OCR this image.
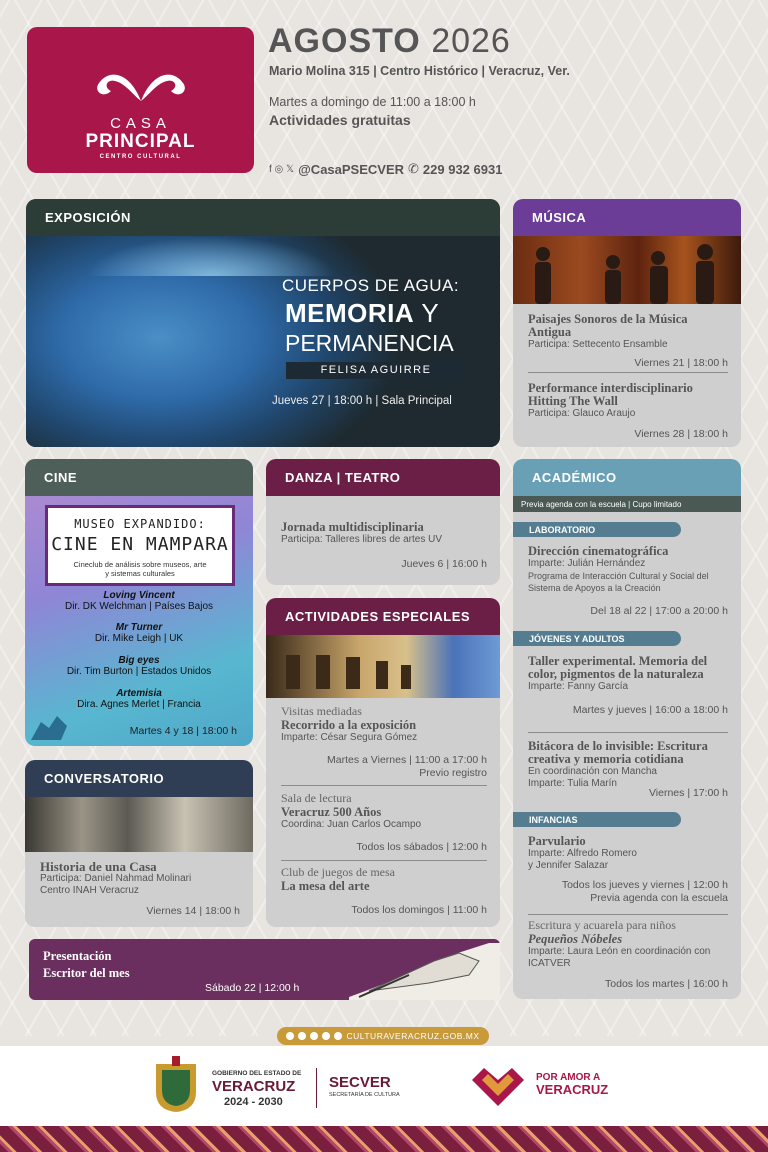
CASA
PRINCIPAL
CENTRO CULTURAL
AGOSTO 2026
Mario Molina 315 | Centro Histórico | Veracruz, Ver.
Martes a domingo de 11:00 a 18:00 h
Actividades gratuitas
f ◎ 𝕏 @CasaPSECVER ✆ 229 932 6931
EXPOSICIÓN
CUERPOS DE AGUA:
MEMORIA Y
PERMANENCIA
FELISA AGUIRRE
Jueves 27 | 18:00 h | Sala Principal
MÚSICA
Paisajes Sonoros de la Música Antigua
Participa: Settecento Ensamble
Viernes 21 | 18:00 h
Performance interdisciplinario Hitting The Wall
Participa: Glauco Araujo
Viernes 28 | 18:00 h
CINE
MUSEO EXPANDIDO:
CINE EN MAMPARA
Cineclub de análisis sobre museos, arte y sistemas culturales
Loving Vincent
Dir. DK Welchman | Países Bajos
Mr Turner
Dir. Mike Leigh | UK
Big eyes
Dir. Tim Burton | Estados Unidos
Artemisia
Dira. Agnes Merlet | Francia
Martes 4 y 18 | 18:00 h
CONVERSATORIO
Historia de una Casa
Participa: Daniel Nahmad Molinari
Centro INAH Veracruz
Viernes 14 | 18:00 h
DANZA | TEATRO
Jornada multidisciplinaria
Participa: Talleres libres de artes UV
Jueves 6 | 16:00 h
ACTIVIDADES ESPECIALES
Visitas mediadas
Recorrido a la exposición
Imparte: César Segura Gómez
Martes a Viernes | 11:00 a 17:00 h
Previo registro
Sala de lectura
Veracruz 500 Años
Coordina: Juan Carlos Ocampo
Todos los sábados | 12:00 h
Club de juegos de mesa
La mesa del arte
Todos los domingos | 11:00 h
ACADÉMICO
Previa agenda con la escuela | Cupo limitado
LABORATORIO
Dirección cinematográfica
Imparte: Julián Hernández
Programa de Interacción Cultural y Social del Sistema de Apoyos a la Creación
Del 18 al 22 | 17:00 a 20:00 h
JÓVENES Y ADULTOS
Taller experimental. Memoria del color, pigmentos de la naturaleza
Imparte: Fanny García
Martes y jueves | 16:00 a 18:00 h
Bitácora de lo invisible: Escritura creativa y memoria cotidiana
En coordinación con Mancha
Imparte: Tulia Marín
Viernes | 17:00 h
INFANCIAS
Parvulario
Imparte: Alfredo Romero
y Jennifer Salazar
Todos los jueves y viernes | 12:00 h
Previa agenda con la escuela
Escritura y acuarela para niños
Pequeños Nóbeles
Imparte: Laura León en coordinación con ICATVER
Todos los martes | 16:00 h
Presentación
Escritor del mes
Sábado 22 | 12:00 h
GOBIERNO DEL ESTADO DE
VERACRUZ
2024 - 2030
SECVER
SECRETARÍA DE CULTURA
POR AMOR A
VERACRUZ
CULTURAVERACRUZ.GOB.MX
